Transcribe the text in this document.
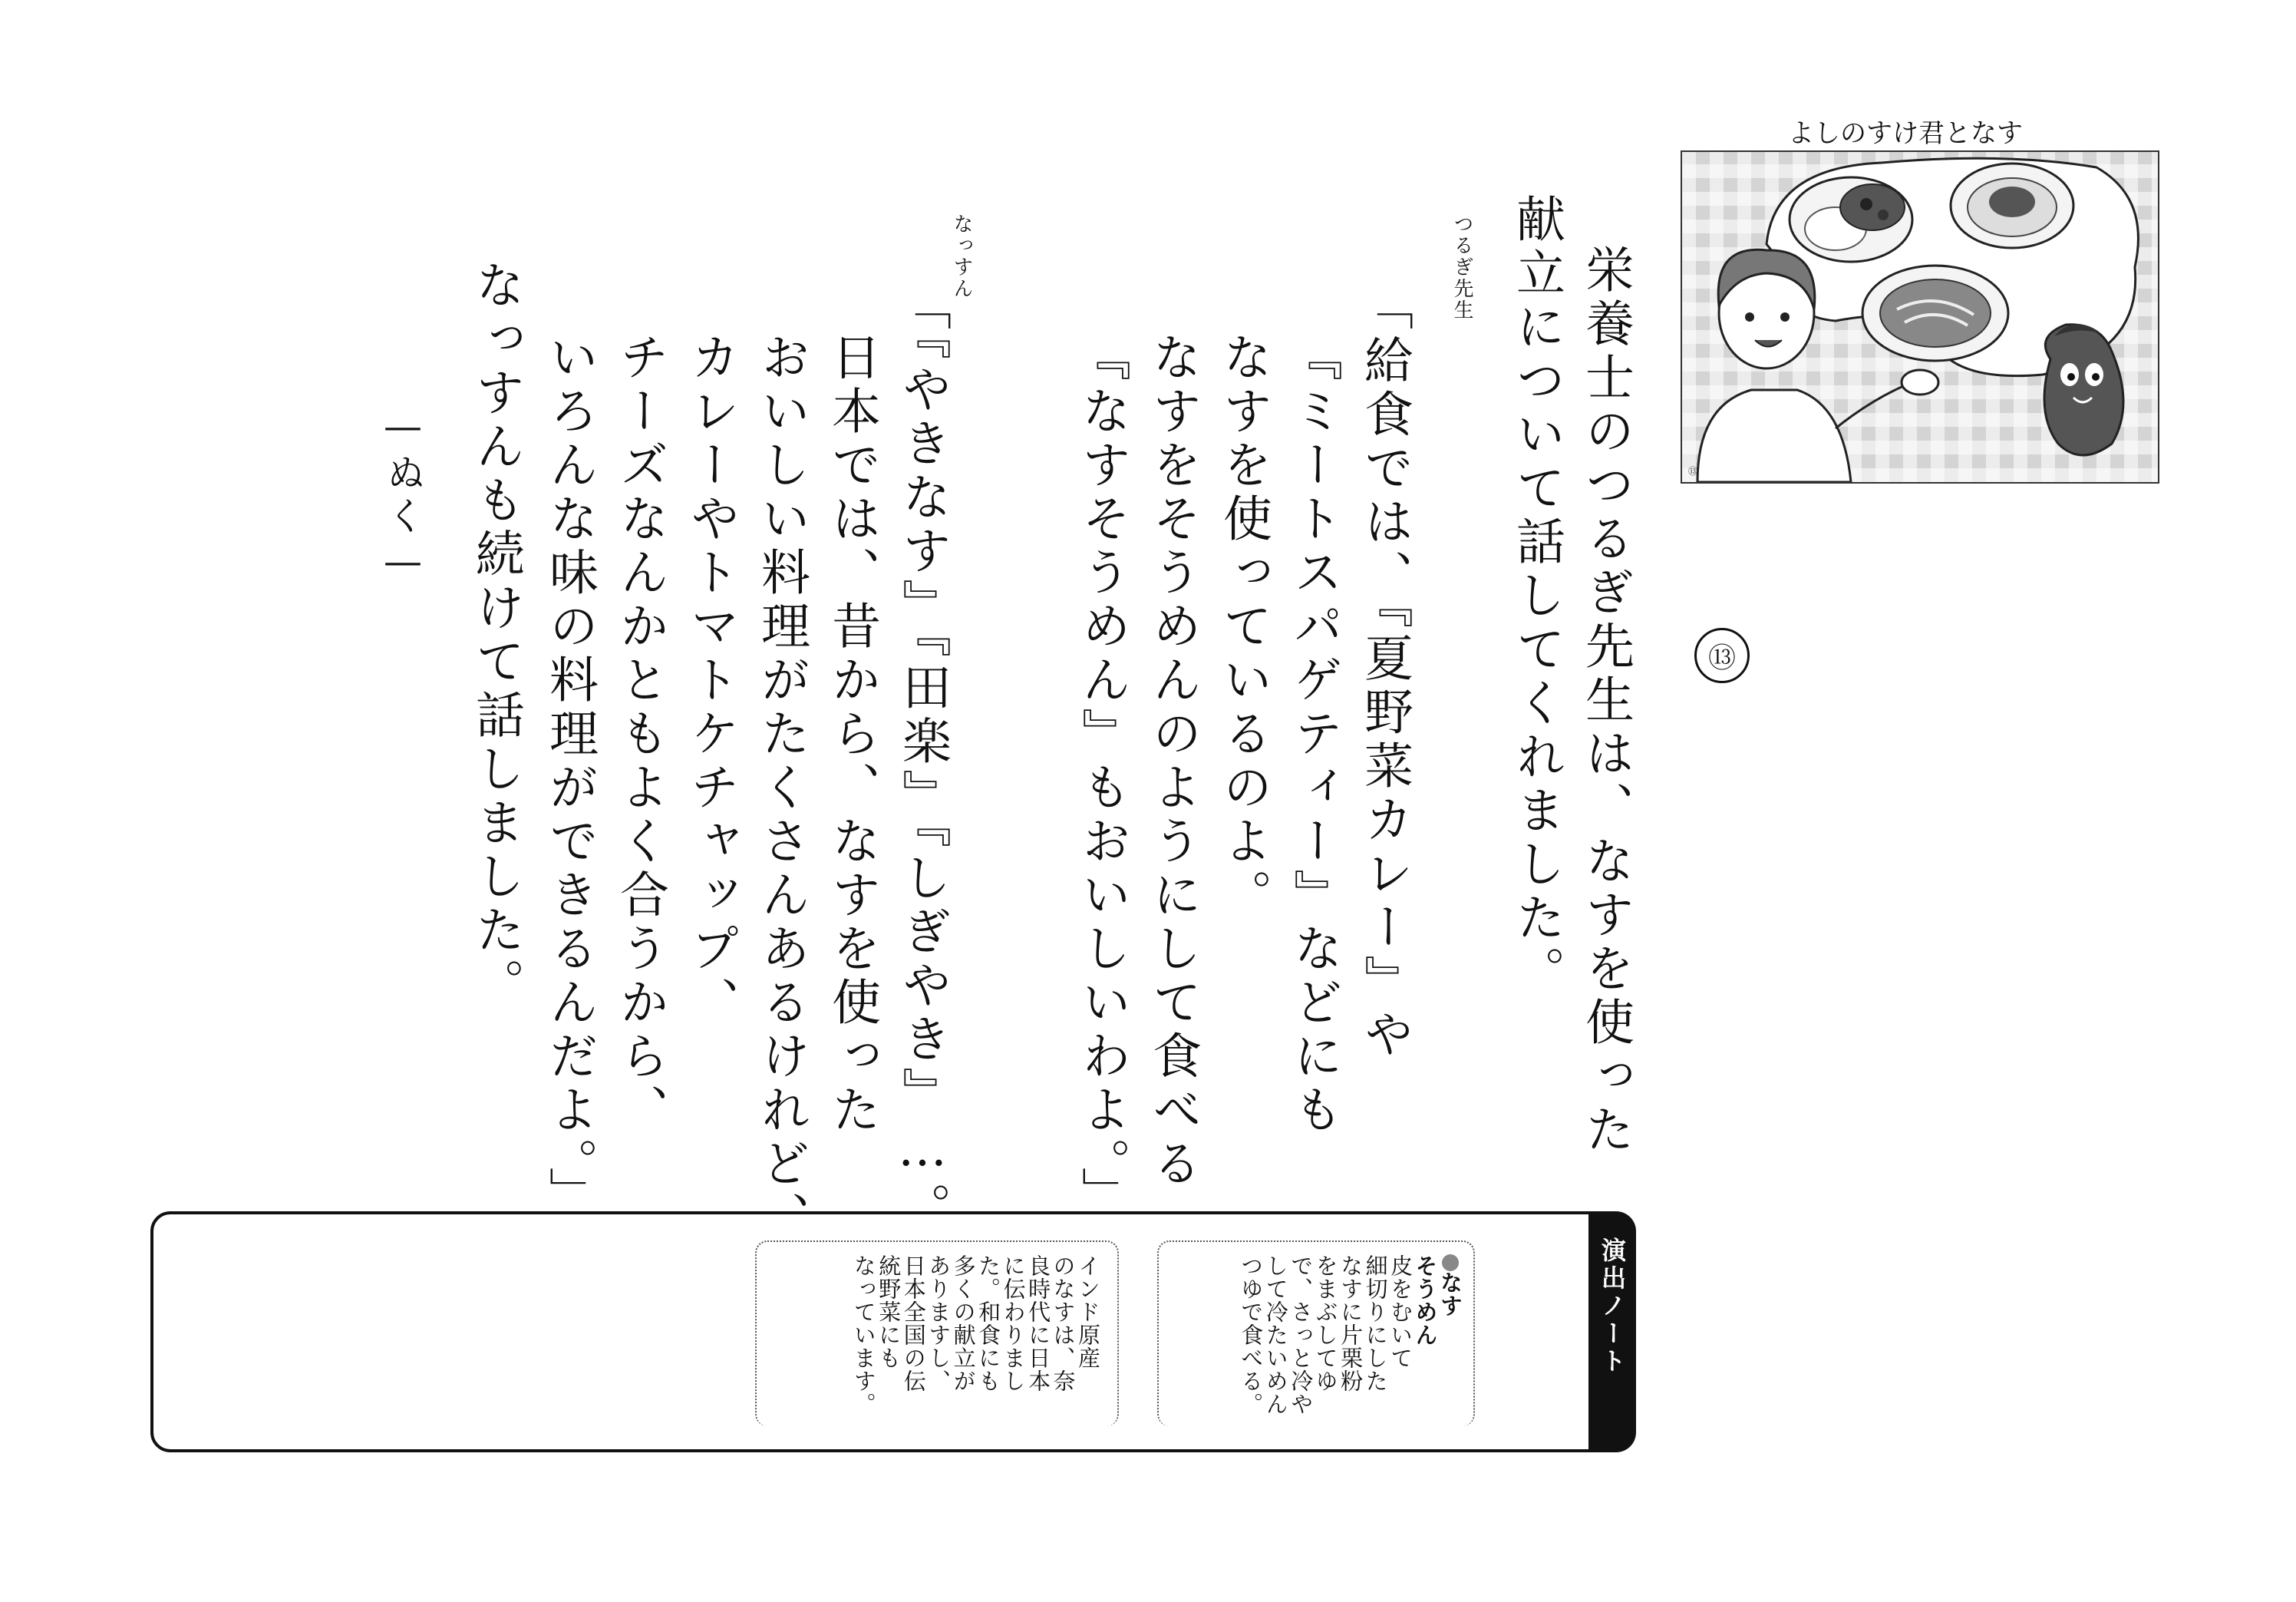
よしのすけ君となす
⑬
⑬
栄養士のつるぎ先生は、なすを使った
献立について話してくれました。
つるぎ先生
「給食では、『夏野菜カレー』や
『ミートスパゲティー』などにも
なすを使っているのよ。
なすをそうめんのようにして食べる
『なすそうめん』もおいしいわよ。」
なっすん
「『やきなす』『田楽』『しぎやき』…。
日本では、昔から、なすを使った
おいしい料理がたくさんあるけれど、
カレーやトマトケチャップ、
チーズなんかともよく合うから、
いろんな味の料理ができるんだよ。」
なっすんも続けて話しました。
—ぬく—
演出ノート
なす
そうめん
皮をむいて
細切りにした
なすに片栗粉
をまぶしてゆ
で、さっと冷や
して冷たいめん
つゆで食べる。
インド原産
のなすは、奈
良時代に日本
に伝わりまし
た。和食にも
多くの献立が
ありますし、
日本全国の伝
統野菜にも
なっています。
